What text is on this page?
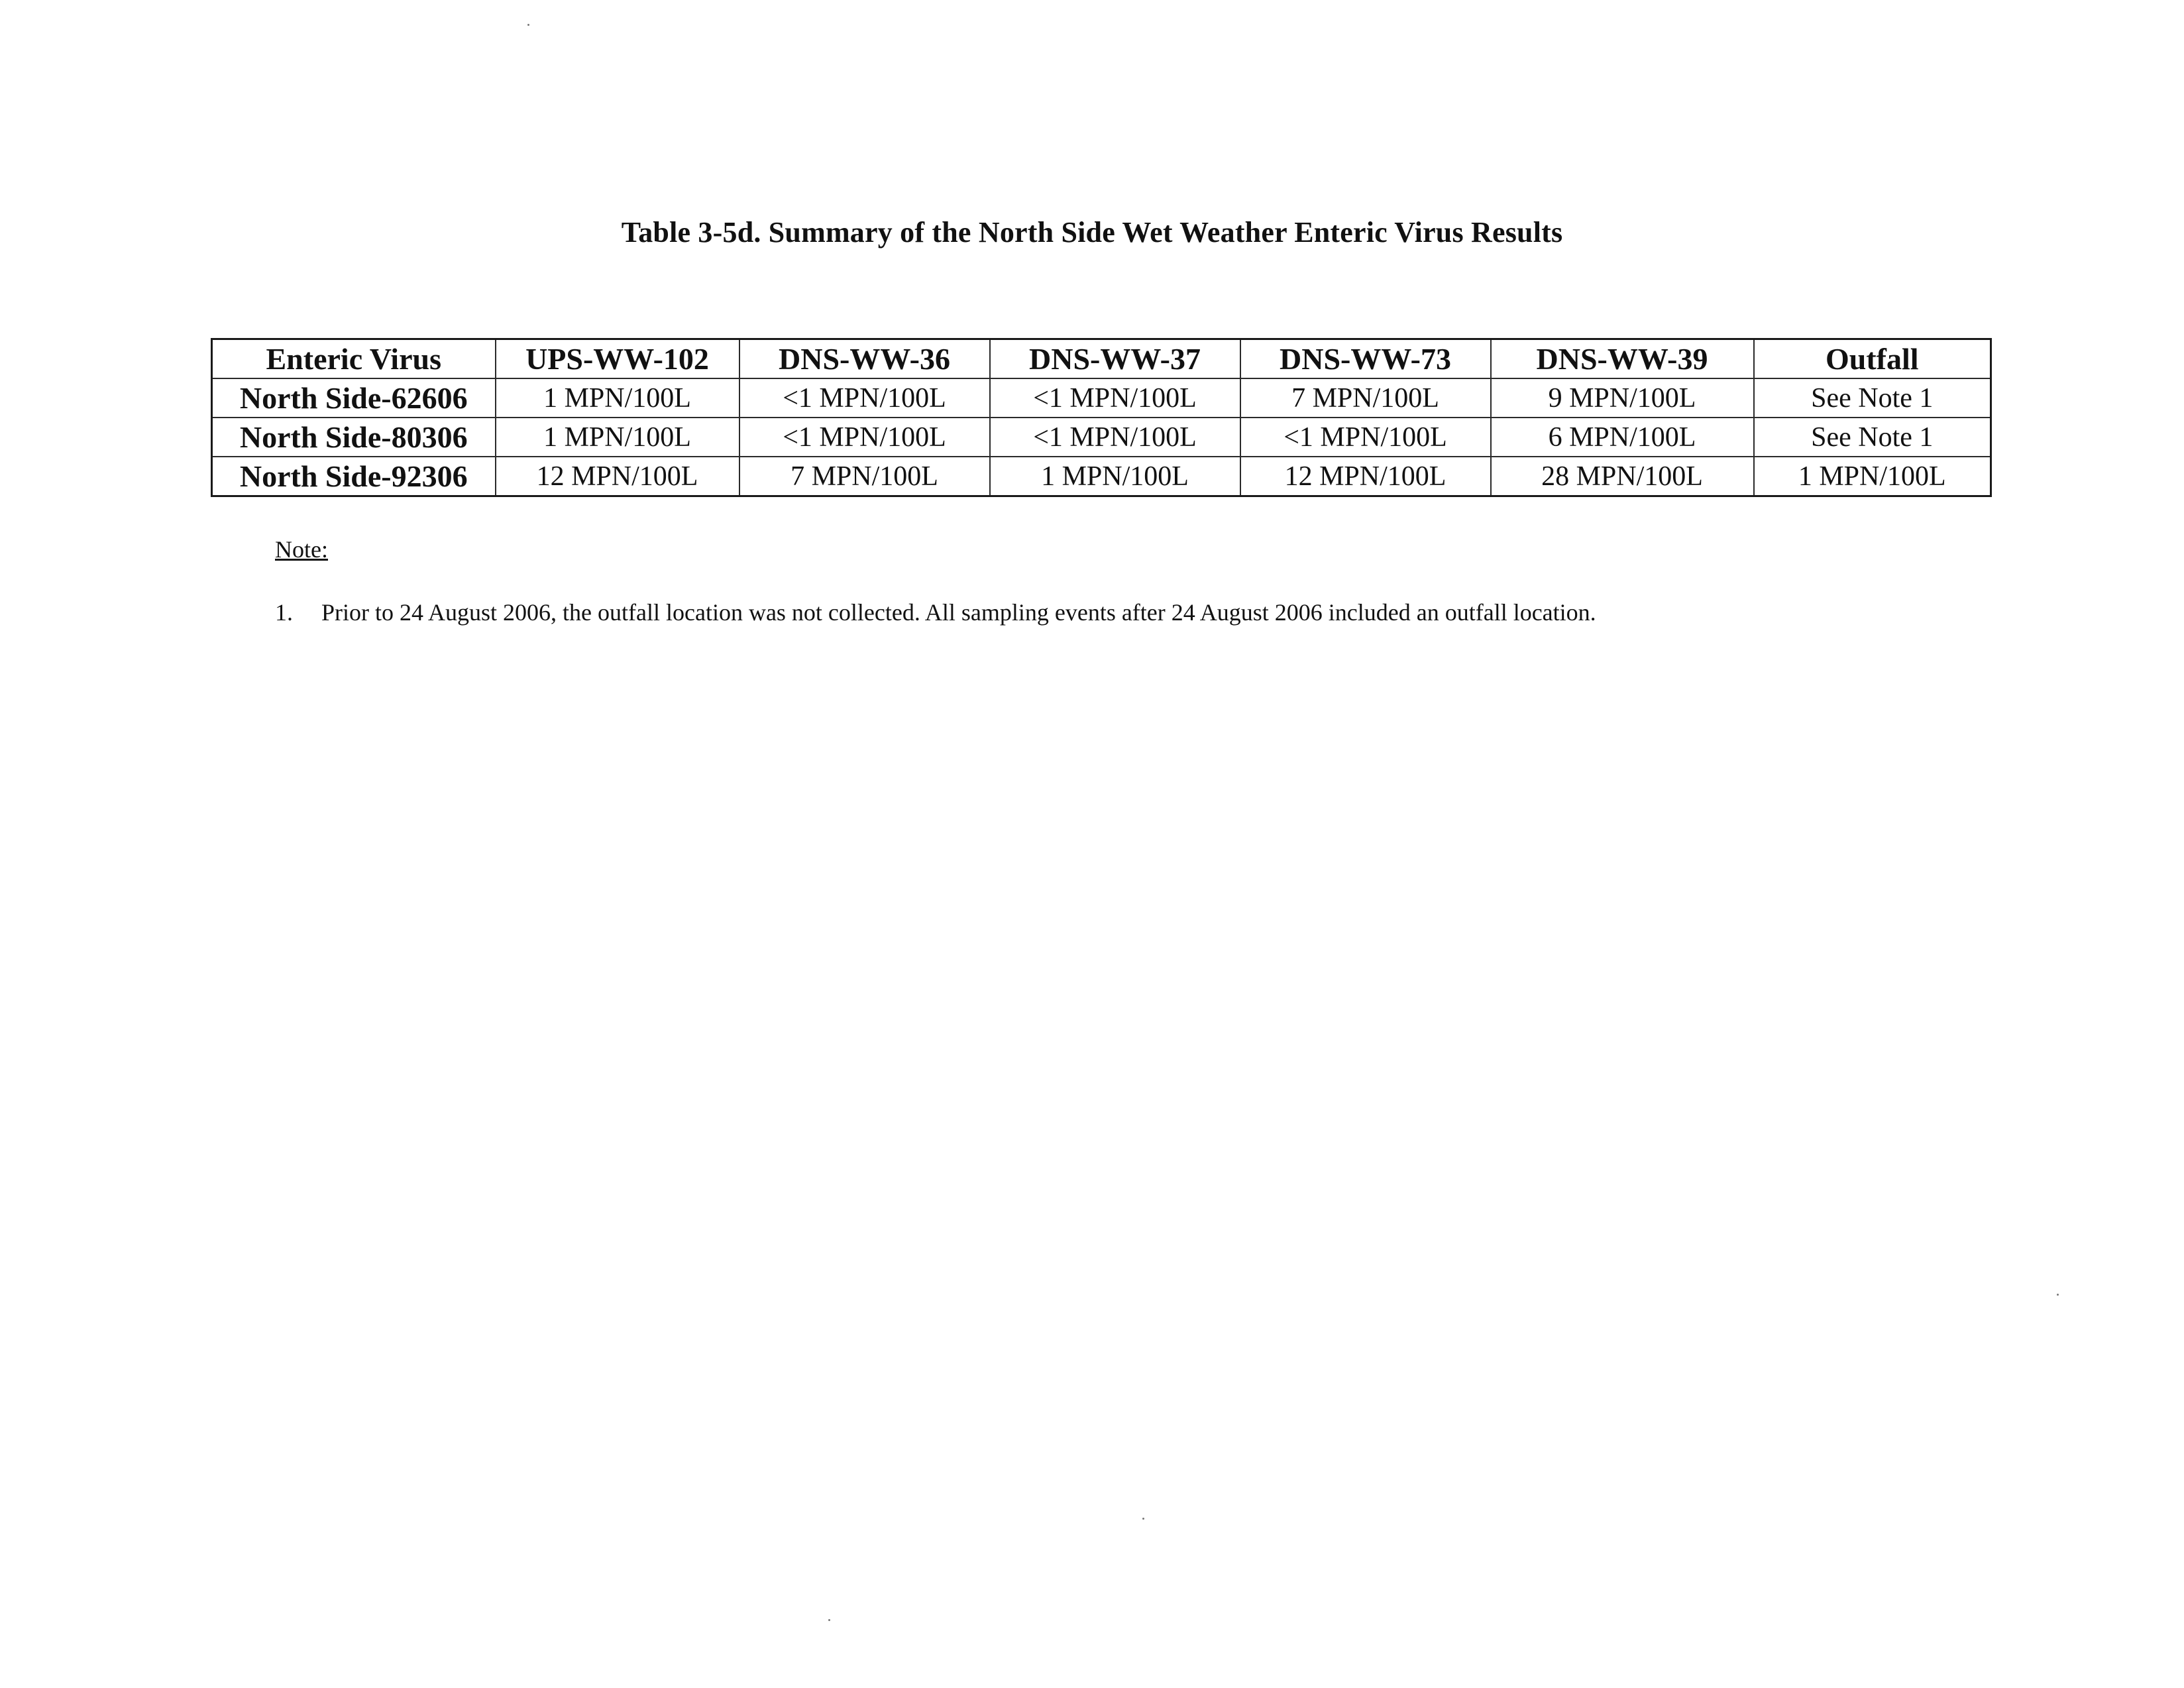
Table 3-5d. Summary of the North Side Wet Weather Enteric Virus Results
Enteric Virus	UPS-WW-102	DNS-WW-36	DNS-WW-37	DNS-WW-73	DNS-WW-39	Outfall
North Side-62606	1 MPN/100L	<1 MPN/100L	<1 MPN/100L	7 MPN/100L	9 MPN/100L	See Note 1
North Side-80306	1 MPN/100L	<1 MPN/100L	<1 MPN/100L	<1 MPN/100L	6 MPN/100L	See Note 1
North Side-92306	12 MPN/100L	7 MPN/100L	1 MPN/100L	12 MPN/100L	28 MPN/100L	1 MPN/100L
Note:
1. Prior to 24 August 2006, the outfall location was not collected. All sampling events after 24 August 2006 included an outfall location.
